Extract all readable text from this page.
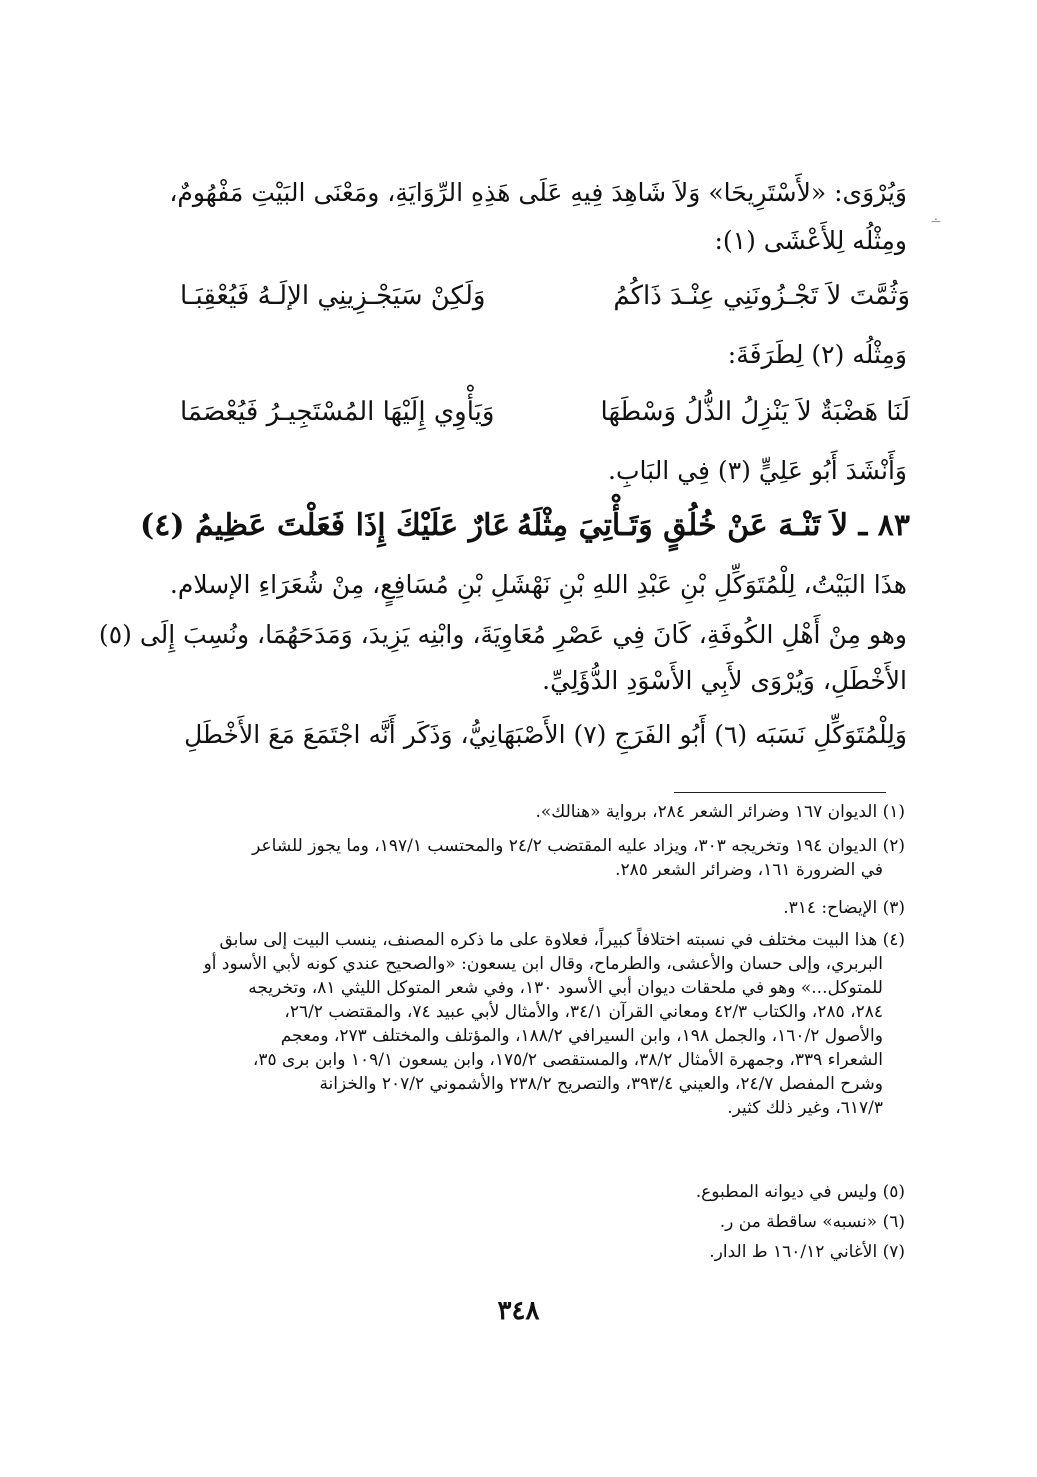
∸
وَيُرْوَى: «لأَسْتَرِيحَا» وَلاَ شَاهِدَ فِيهِ عَلَى هَذِهِ الرِّوَايَةِ، ومَعْنَى البَيْتِ مَفْهُومٌ،
ومِثْلُه لِلأَعْشَى (١):
وَثُمَّتَ لاَ تَجْـزُونَنِي عِنْـدَ ذَاكُمُ
وَلَكِنْ سَيَجْـزِينِي الإلَـهُ فَيُعْقِبَـا
وَمِثْلُه (٢) لِطَرَفَةَ:
لَنَا هَضْبَةٌ لاَ يَنْزِلُ الذُّلُ وَسْطَهَا
وَيَأْوِي إِلَيْهَا المُسْتَجِيـرُ فَيُعْصَمَا
وَأَنْشَدَ أَبُو عَلِيٍّ (٣) فِي البَابِ.
٨٣ ـ لاَ تَنْـهَ عَنْ خُلُقٍ وَتَـأْتِيَ مِثْلَهُ
عَارٌ عَلَيْكَ إِذَا فَعَلْتَ عَظِيمُ (٤)
هذَا البَيْتُ، لِلْمُتَوَكِّلِ بْنِ عَبْدِ اللهِ بْنِ نَهْشَلِ بْنِ مُسَافِعٍ، مِنْ شُعَرَاءِ الإسلام.
وهو مِنْ أَهْلِ الكُوفَةِ، كَانَ فِي عَصْرِ مُعَاوِيَةَ، وابْنِه يَزِيدَ، وَمَدَحَهُمَا، ونُسِبَ إِلَى (٥)
الأَخْطَلِ، وَيُرْوَى لأَبِي الأَسْوَدِ الدُّؤَلِيِّ.
وَلِلْمُتَوَكِّلِ نَسَبَه (٦) أَبُو الفَرَجِ (٧) الأَصْبَهَانِيُّ، وَذَكَر أَنَّه اجْتَمَعَ مَعَ الأَخْطَلِ
(١) الديوان ١٦٧ وضرائر الشعر ٢٨٤، برواية «هنالك».
(٢) الديوان ١٩٤ وتخريجه ٣٠٣، ويزاد عليه المقتضب ٢٤/٢ والمحتسب ١٩٧/١، وما يجوز للشاعر
في الضرورة ١٦١، وضرائر الشعر ٢٨٥.
(٣) الإيضاح: ٣١٤.
(٤) هذا البيت مختلف في نسبته اختلافاً كبيراً، فعلاوة على ما ذكره المصنف، ينسب البيت إلى سابق
البربري، وإلى حسان والأعشى، والطرماح، وقال ابن يسعون: «والصحيح عندي كونه لأبي الأسود أو
للمتوكل...» وهو في ملحقات ديوان أبي الأسود ١٣٠، وفي شعر المتوكل الليثي ٨١، وتخريجه
٢٨٤، ٢٨٥، والكتاب ٤٢/٣ ومعاني القرآن ٣٤/١، والأمثال لأبي عبيد ٧٤، والمقتضب ٢٦/٢،
والأصول ١٦٠/٢، والجمل ١٩٨، وابن السيرافي ١٨٨/٢، والمؤتلف والمختلف ٢٧٣، ومعجم
الشعراء ٣٣٩، وجمهرة الأمثال ٣٨/٢، والمستقصى ١٧٥/٢، وابن يسعون ١٠٩/١ وابن برى ٣٥،
وشرح المفصل ٢٤/٧، والعيني ٣٩٣/٤، والتصريح ٢٣٨/٢ والأشموني ٢٠٧/٢ والخزانة
٦١٧/٣، وغير ذلك كثير.
(٥) وليس في ديوانه المطبوع.
(٦) «نسبه» ساقطة من ر.
(٧) الأغاني ١٦٠/١٢ ط الدار.
٣٤٨
